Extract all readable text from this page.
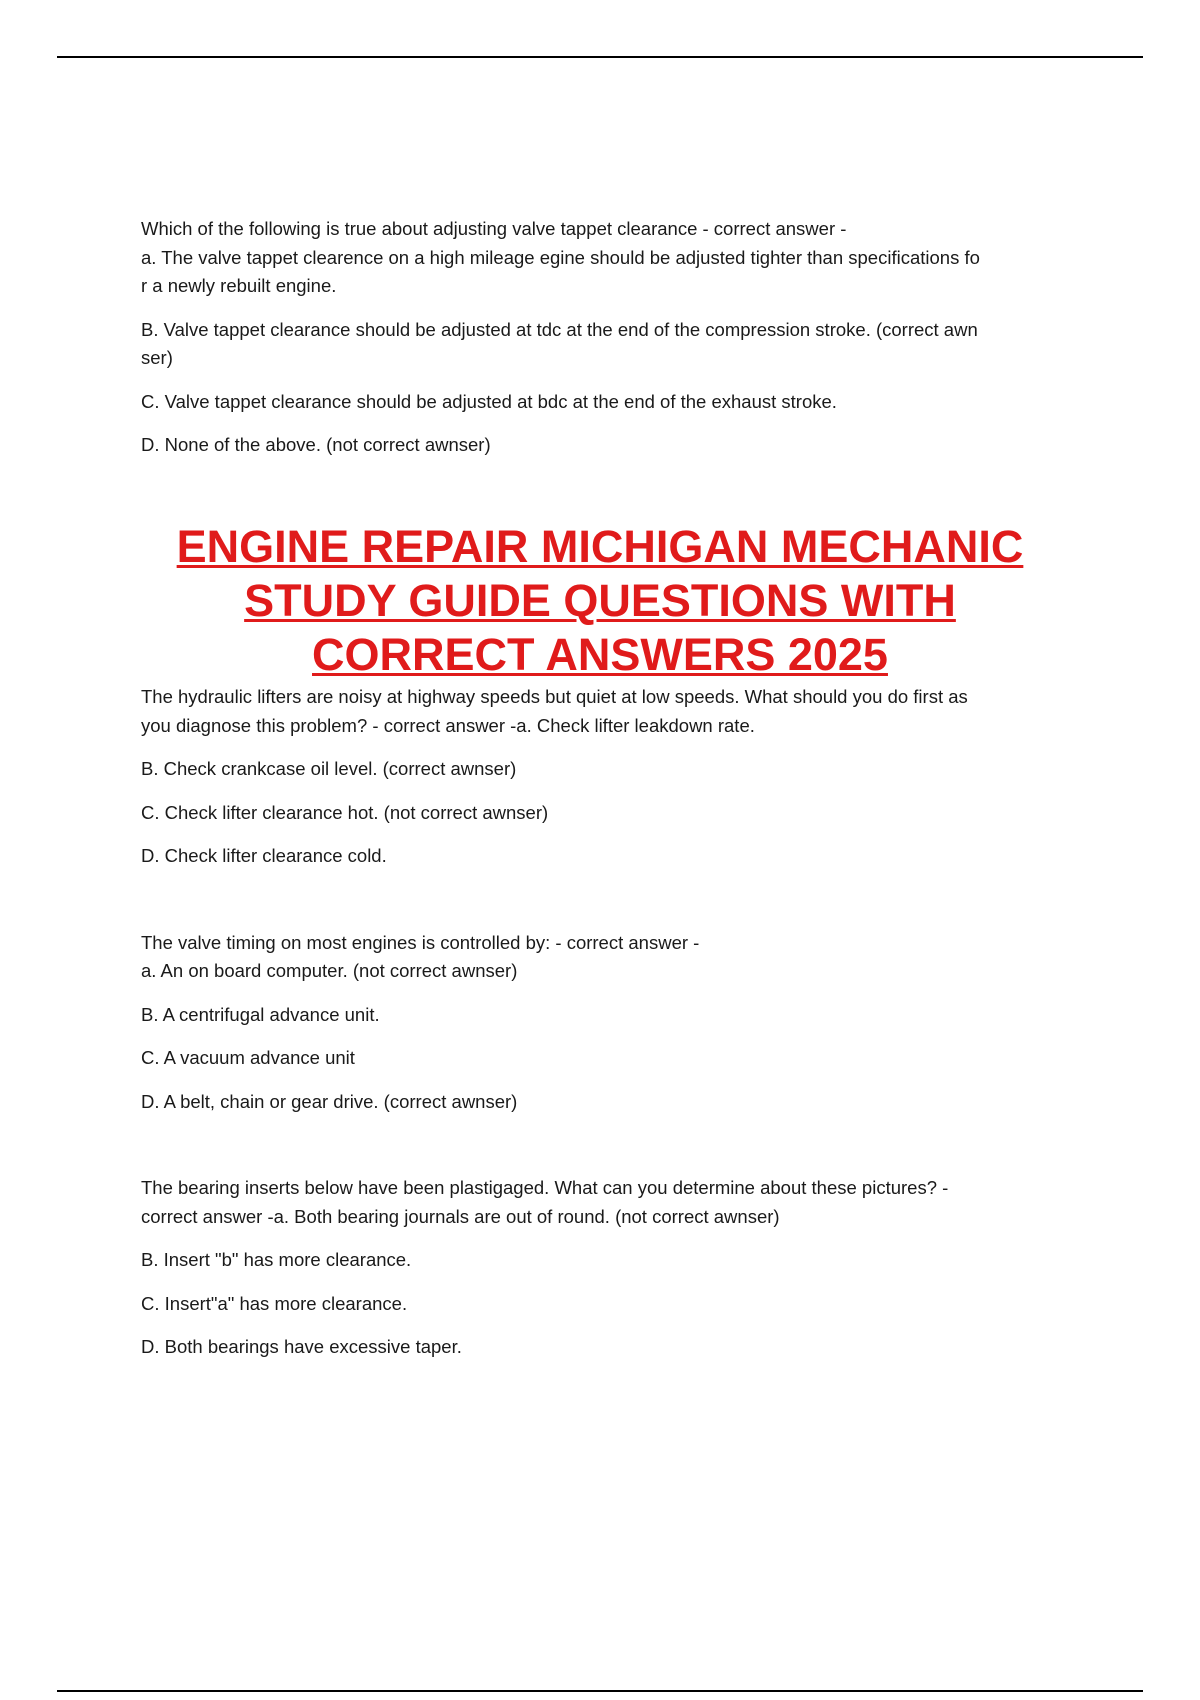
Which of the following is true about adjusting valve tappet clearance - correct answer -

a. The valve tappet clearence on a high mileage egine should be adjusted tighter than specifications fo
r a newly rebuilt engine.

B. Valve tappet clearance should be adjusted at tdc at the end of the compression stroke. (correct awn
ser)

C. Valve tappet clearance should be adjusted at bdc at the end of the exhaust stroke.

D. None of the above. (not correct awnser)

ENGINE REPAIR MICHIGAN MECHANIC
STUDY GUIDE QUESTIONS WITH
CORRECT ANSWERS 2025

The hydraulic lifters are noisy at highway speeds but quiet at low speeds. What should you do first as
you diagnose this problem? - correct answer -a. Check lifter leakdown rate.

B. Check crankcase oil level. (correct awnser)

C. Check lifter clearance hot. (not correct awnser)

D. Check lifter clearance cold.

The valve timing on most engines is controlled by: - correct answer -

a. An on board computer. (not correct awnser)

B. A centrifugal advance unit.

C. A vacuum advance unit

D. A belt, chain or gear drive. (correct awnser)

The bearing inserts below have been plastigaged. What can you determine about these pictures? -
correct answer -a. Both bearing journals are out of round. (not correct awnser)

B. Insert "b" has more clearance.

C. Insert"a" has more clearance.

D. Both bearings have excessive taper.
